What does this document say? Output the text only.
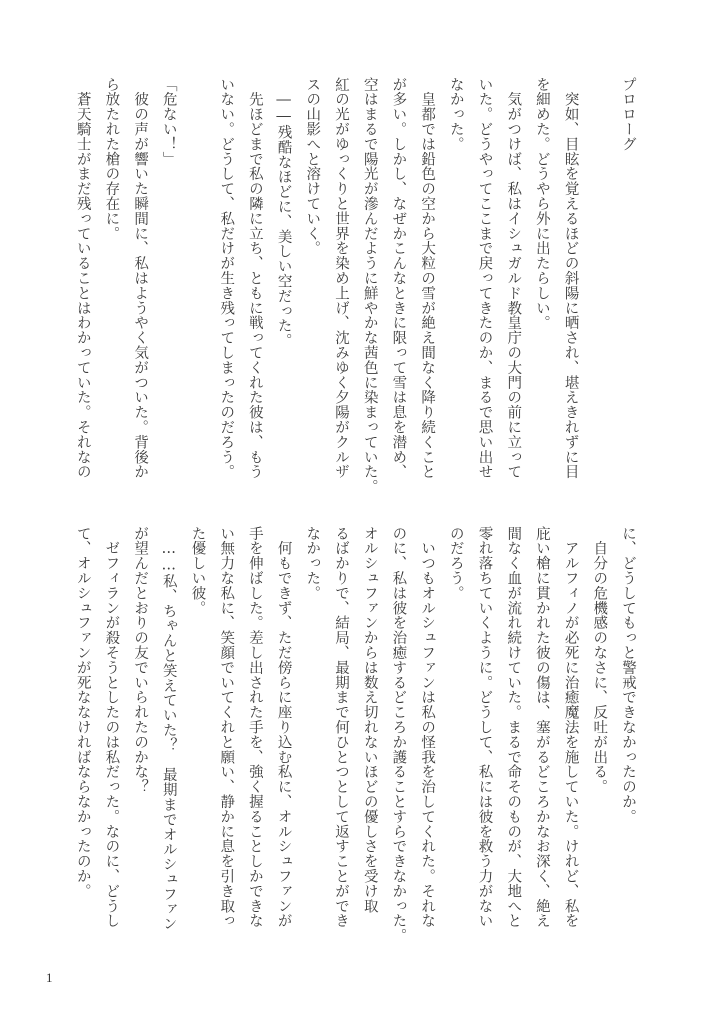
プロローグ
　突如、目眩を覚えるほどの斜陽に晒され、堪えきれずに目
を細めた。どうやら外に出たらしい。
　気がつけば、私はイシュガルド教皇庁の大門の前に立って
いた。どうやってここまで戻ってきたのか、まるで思い出せ
なかった。
　皇都では鉛色の空から大粒の雪が絶え間なく降り続くこと
が多い。しかし、なぜかこんなときに限って雪は息を潜め、
空はまるで陽光が滲んだように鮮やかな茜色に染まっていた。
紅の光がゆっくりと世界を染め上げ、沈みゆく夕陽がクルザ
スの山影へと溶けていく。
　――残酷なほどに、美しい空だった。
　先ほどまで私の隣に立ち、ともに戦ってくれた彼は、もう
いない。どうして、私だけが生き残ってしまったのだろう。
「危ない！」
　彼の声が響いた瞬間に、私はようやく気がついた。背後か
ら放たれた槍の存在に。
　蒼天騎士がまだ残っていることはわかっていた。それなの
に、どうしてもっと警戒できなかったのか。
　自分の危機感のなさに、反吐が出る。
　アルフィノが必死に治癒魔法を施していた。けれど、私を
庇い槍に貫かれた彼の傷は、塞がるどころかなお深く、絶え
間なく血が流れ続けていた。まるで命そのものが、大地へと
零れ落ちていくように。どうして、私には彼を救う力がない
のだろう。
　いつもオルシュファンは私の怪我を治してくれた。それな
のに、私は彼を治癒するどころか護ることすらできなかった。
オルシュファンからは数え切れないほどの優しさを受け取
るばかりで、結局、最期まで何ひとつとして返すことができ
なかった。
　何もできず、ただ傍らに座り込む私に、オルシュファンが
手を伸ばした。差し出された手を、強く握ることしかできな
い無力な私に、笑顔でいてくれと願い、静かに息を引き取っ
た優しい彼。
　……私、ちゃんと笑えていた？　最期までオルシュファン
が望んだとおりの友でいられたのかな？
　ゼフィランが殺そうとしたのは私だった。なのに、どうし
て、オルシュファンが死ななければならなかったのか。
1
